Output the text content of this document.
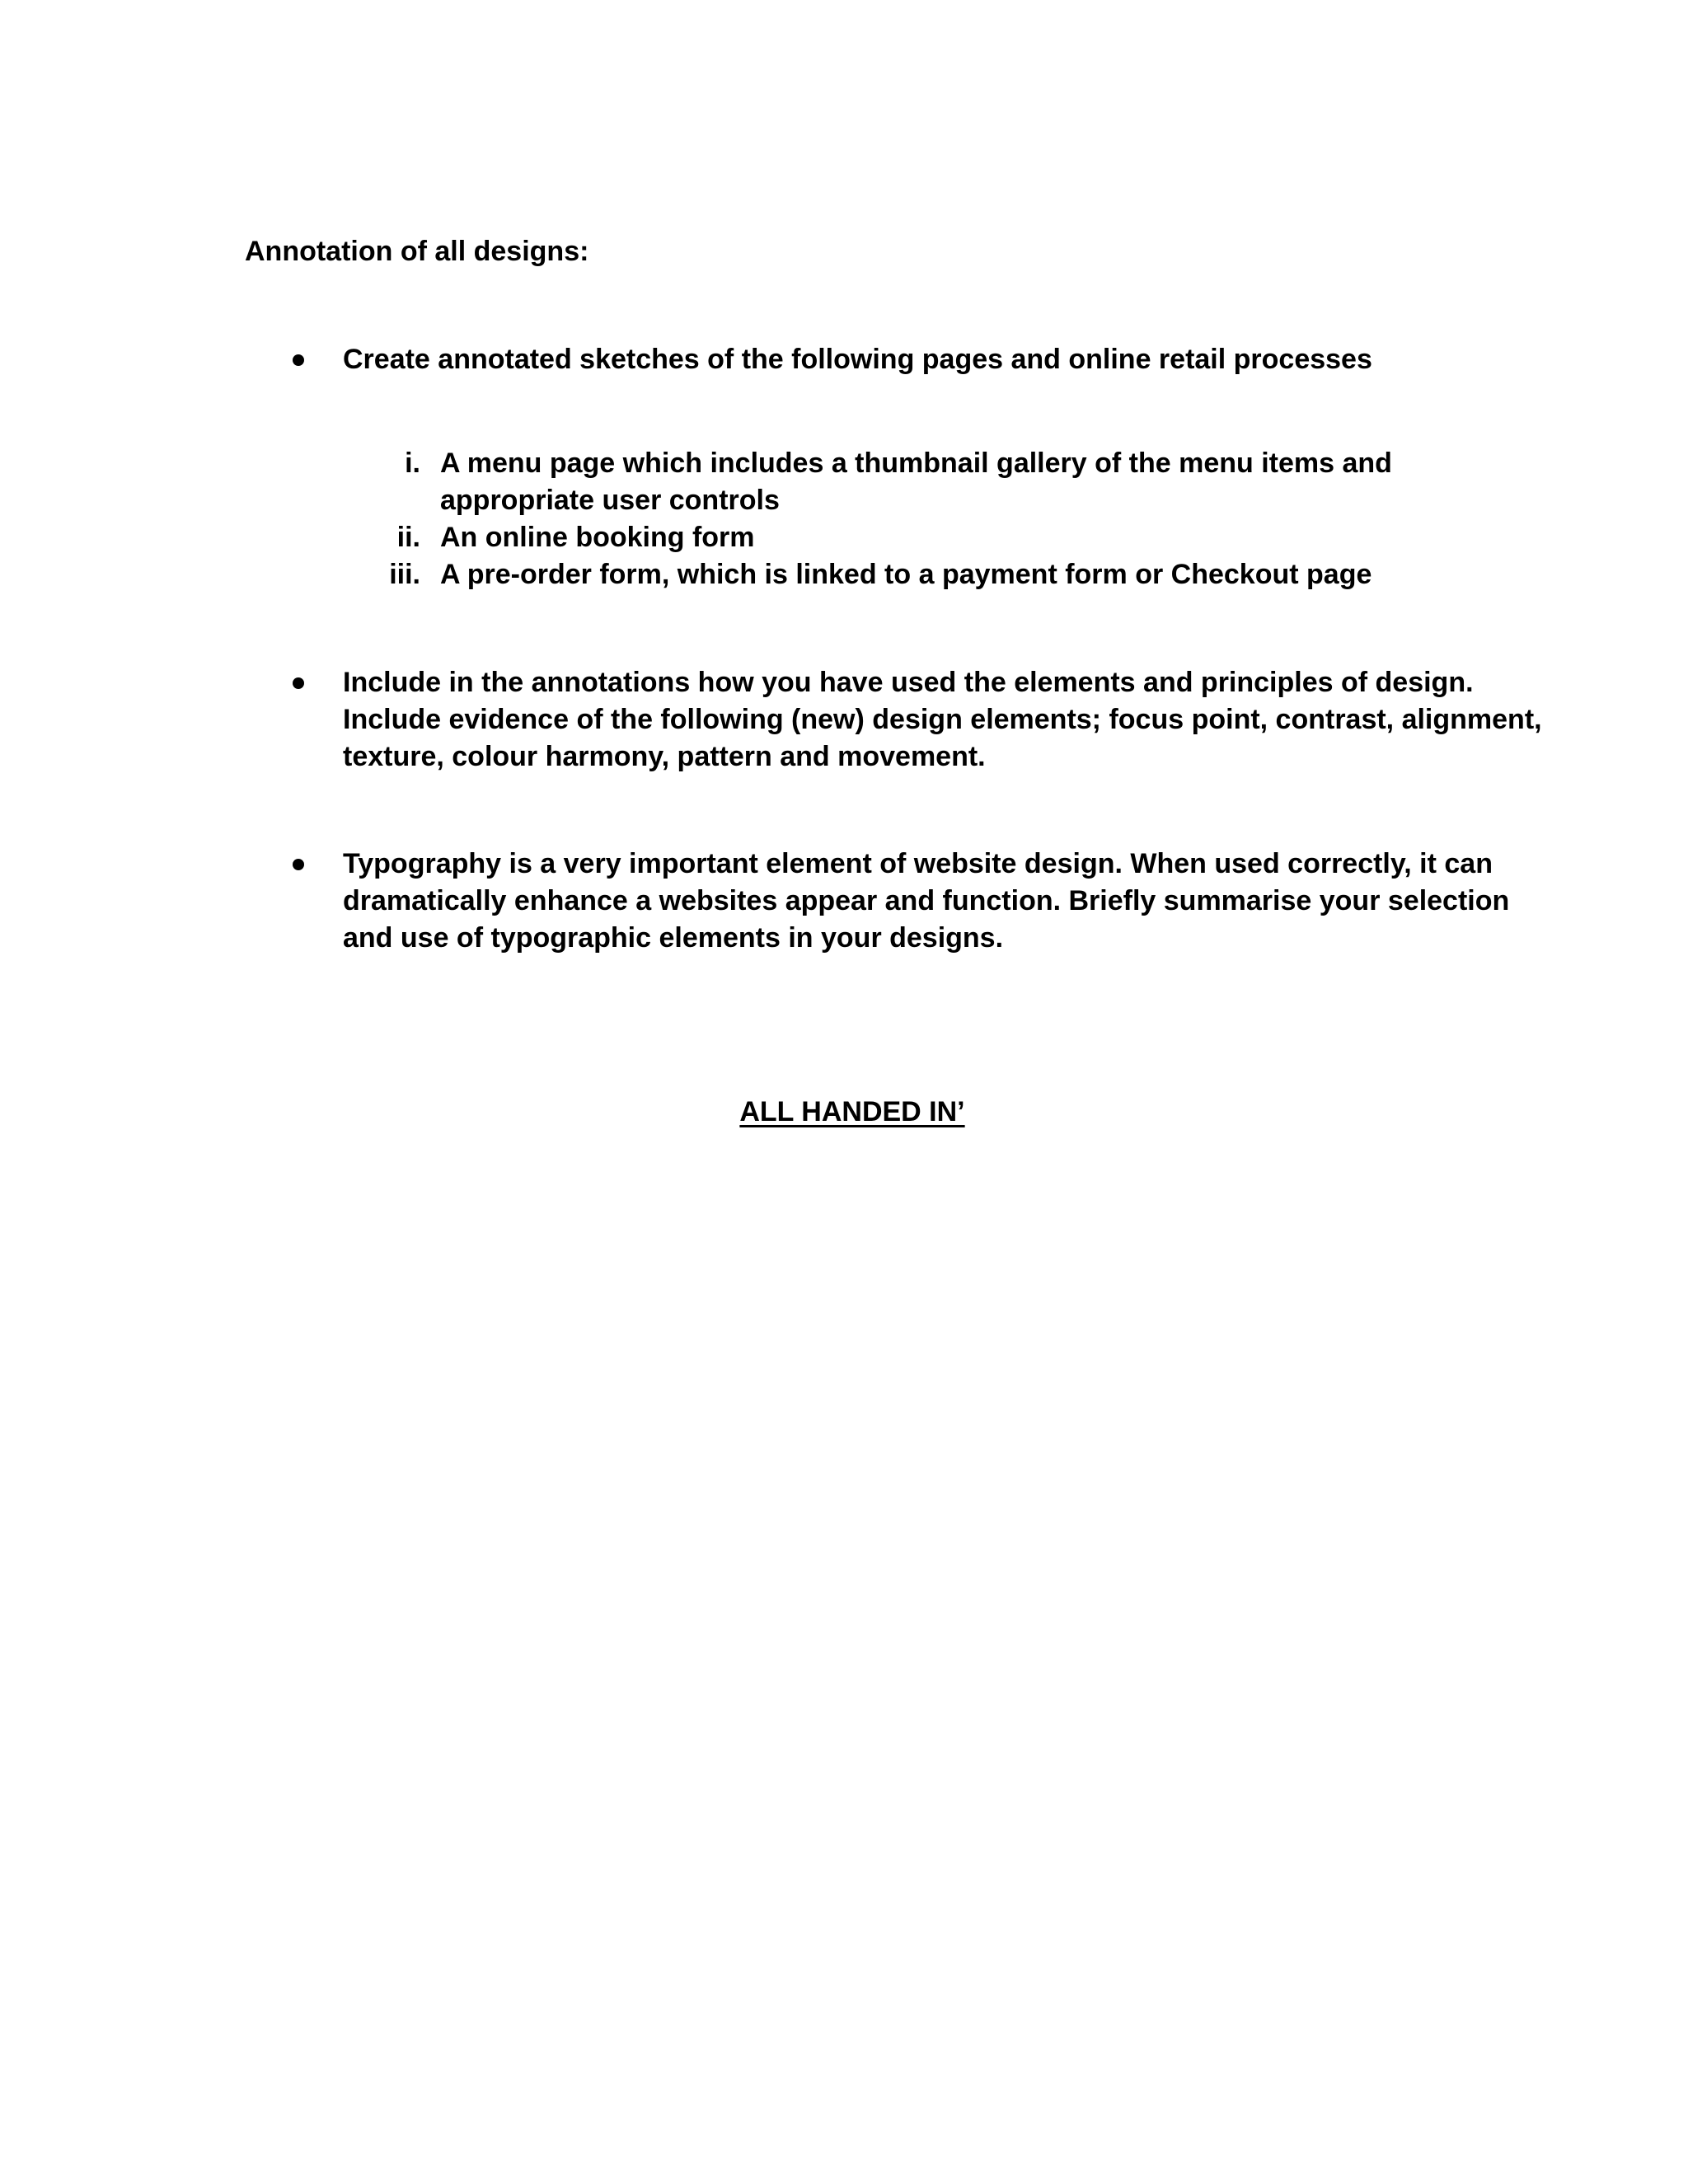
Annotation of all designs:
Create annotated sketches of the following pages and online retail processes
i. A menu page which includes a thumbnail gallery of the menu items and
appropriate user controls
ii. An online booking form
iii. A pre-order form, which is linked to a payment form or Checkout page
Include in the annotations how you have used the elements and principles of design.
Include evidence of the following (new) design elements; focus point, contrast, alignment,
texture, colour harmony, pattern and movement.
Typography is a very important element of website design. When used correctly, it can
dramatically enhance a websites appear and function. Briefly summarise your selection
and use of typographic elements in your designs.
ALL HANDED IN’
